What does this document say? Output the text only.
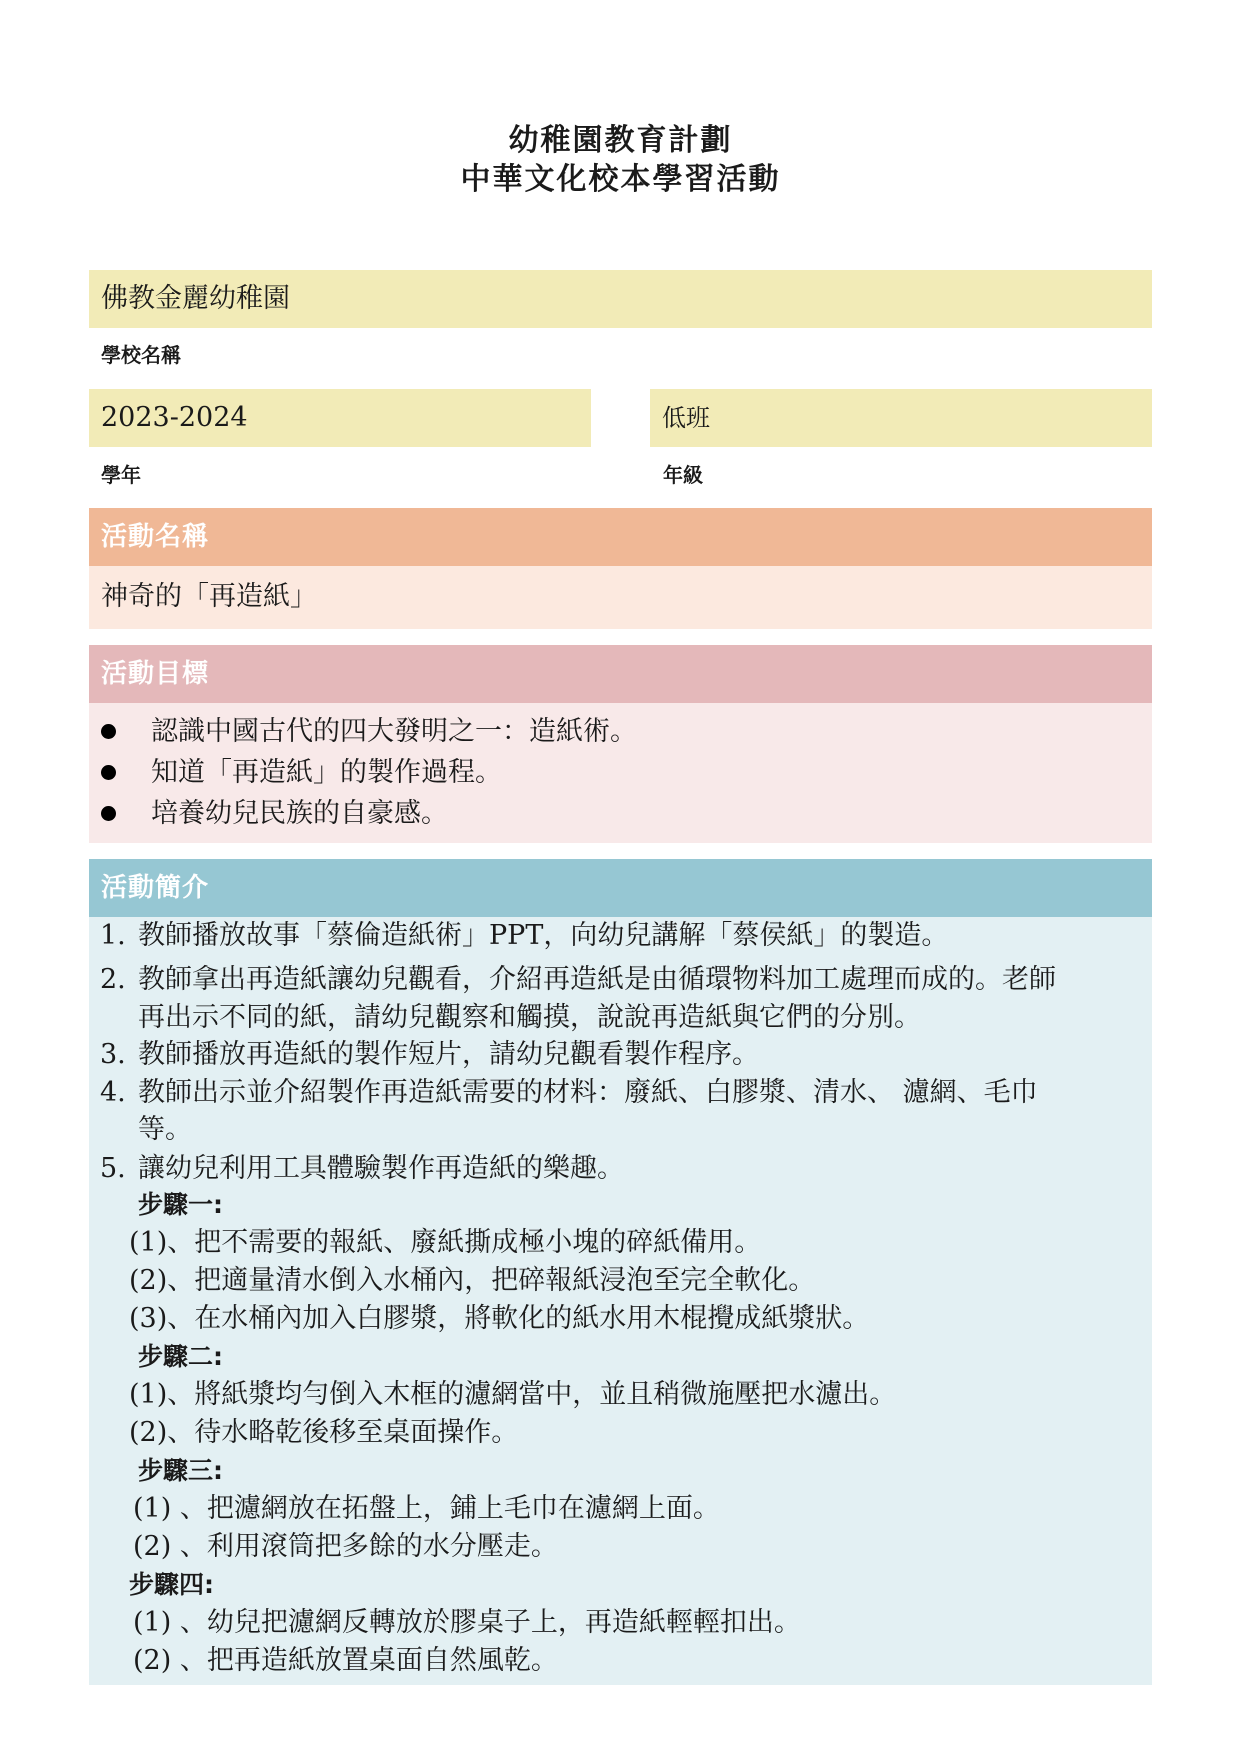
幼稚園教育計劃
中華文化校本學習活動
佛教金麗幼稚園
學校名稱
2023-2024
學年
低班
年級
活動名稱
神奇的「再造紙」
活動目標
認識中國古代的四大發明之一：造紙術。
知道「再造紙」的製作過程。
培養幼兒民族的自豪感。
活動簡介
1. 教師播放故事「蔡倫造紙術」PPT，向幼兒講解「蔡侯紙」的製造。
2. 教師拿出再造紙讓幼兒觀看，介紹再造紙是由循環物料加工處理而成的。老師
再出示不同的紙，請幼兒觀察和觸摸，說說再造紙與它們的分別。
3. 教師播放再造紙的製作短片，請幼兒觀看製作程序。
4. 教師出示並介紹製作再造紙需要的材料：廢紙、白膠漿、清水、 濾網、毛巾
等。
5. 讓幼兒利用工具體驗製作再造紙的樂趣。
步驟一:
(1)、把不需要的報紙、廢紙撕成極小塊的碎紙備用。
(2)、把適量清水倒入水桶內，把碎報紙浸泡至完全軟化。
(3)、在水桶內加入白膠漿，將軟化的紙水用木棍攪成紙漿狀。
步驟二:
(1)、將紙漿均勻倒入木框的濾網當中，並且稍微施壓把水濾出。
(2)、待水略乾後移至桌面操作。
步驟三:
(1) 、把濾網放在拓盤上，鋪上毛巾在濾網上面。
(2) 、利用滾筒把多餘的水分壓走。
步驟四:
(1) 、幼兒把濾網反轉放於膠桌子上，再造紙輕輕扣出。
(2) 、把再造紙放置桌面自然風乾。
